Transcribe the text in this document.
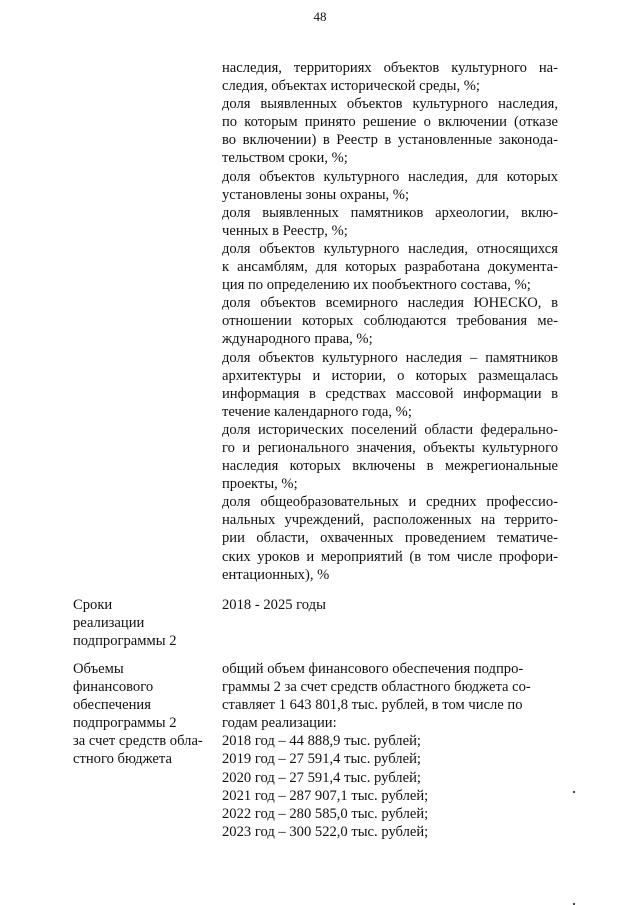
48
наследия, территориях объектов культурного на-
следия, объектах исторической среды, %;
доля выявленных объектов культурного наследия,
по которым принято решение о включении (отказе
во включении) в Реестр в установленные законода-
тельством сроки, %;
доля объектов культурного наследия, для которых
установлены зоны охраны, %;
доля выявленных памятников археологии, вклю-
ченных в Реестр, %;
доля объектов культурного наследия, относящихся
к ансамблям, для которых разработана документа-
ция по определению их пообъектного состава, %;
доля объектов всемирного наследия ЮНЕСКО, в
отношении которых соблюдаются требования ме-
ждународного права, %;
доля объектов культурного наследия – памятников
архитектуры и истории, о которых размещалась
информация в средствах массовой информации в
течение календарного года, %;
доля исторических поселений области федерально-
го и регионального значения, объекты культурного
наследия которых включены в межрегиональные
проекты, %;
доля общеобразовательных и средних профессио-
нальных учреждений, расположенных на террито-
рии области, охваченных проведением тематиче-
ских уроков и мероприятий (в том числе профори-
ентационных), %
Сроки
реализации
подпрограммы 2
2018 - 2025 годы
Объемы
финансового
обеспечения
подпрограммы 2
за счет средств обла-
стного бюджета
общий объем финансового обеспечения подпро-
граммы 2 за счет средств областного бюджета со-
ставляет 1 643 801,8 тыс. рублей, в том числе по
годам реализации:
2018 год – 44 888,9 тыс. рублей;
2019 год – 27 591,4 тыс. рублей;
2020 год – 27 591,4 тыс. рублей;
2021 год – 287 907,1 тыс. рублей;
2022 год – 280 585,0 тыс. рублей;
2023 год – 300 522,0 тыс. рублей;
